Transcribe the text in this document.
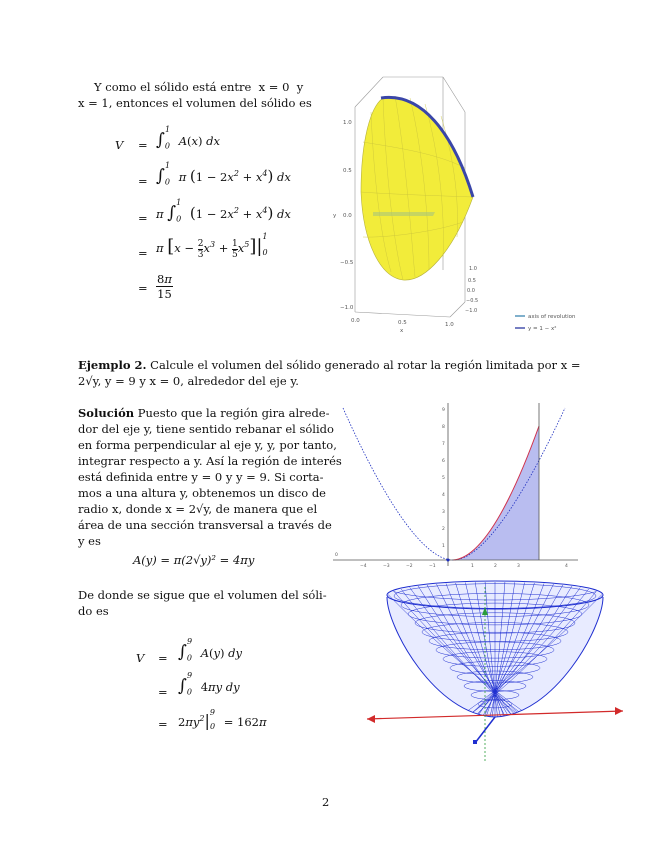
Y como el sólido está entre  x = 0  y
x = 1, entonces el volumen del sólido es
$V = \int_0^1$ A(x) dx
= $\int_0^1$ π $(1 - 2x^2 + x^4)$ dx
= π $\int_0^1$ $(1 - 2x^2 + x^4)$ dx
= π $[x - \frac{2}{3} x^3 + \frac{1}{5} x^5]|^1_0$
=
8π
15
1.0
0.5
0.0
−0.5
−1.0
y
0.0	0.5	1.0
x
1.0
0.5
0.0
−0.5
−1.0
axis of revolution
y = 1 − x²
Ejemplo 2. Calcule el volumen del sólido generado al rotar la región limitada por x =
2√y, y = 9 y x = 0, alrededor del eje y.
Solución Puesto que la región gira alrede-
dor del eje y, tiene sentido rebanar el sólido
en forma perpendicular al eje y, y, por tanto,
integrar respecto a y. Así la región de interés
está definida entre y = 0 y y = 9. Si corta-
mos a una altura y, obtenemos un disco de
radio x, donde x = 2√y, de manera que el
área de una sección transversal a través de
y es
A(y) = π(2√y)² = 4πy	0
−4	−3	−2	−1	1	2	3	4
9
8
7
6
5
4
3
2
1
De donde se sigue que el volumen del sóli-
do es
$V = \int_0^9$ A(y) dy
= $\int_0^9$ 4πy dy
= $2\pi y^2|^9_0 = 162\pi$
2
